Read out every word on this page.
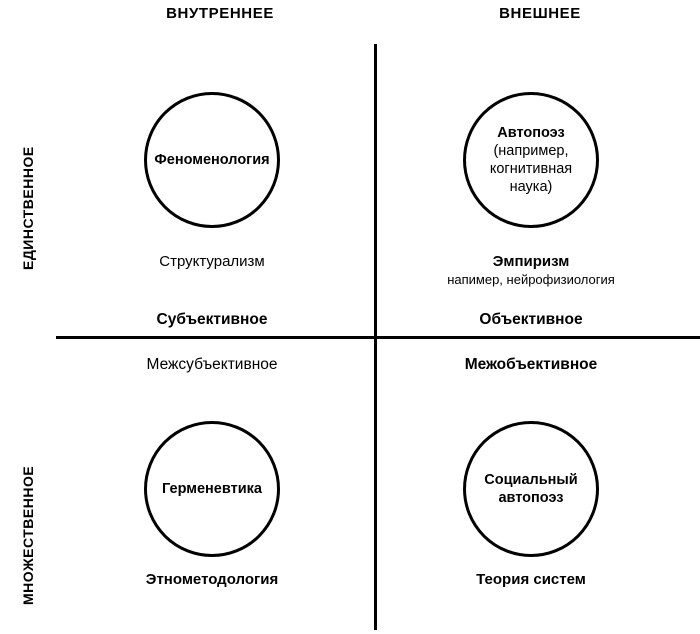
ВНУТРЕННЕЕ	ВНЕШНЕЕ
ЕДИНСТВЕННОЕ
МНОЖЕСТВЕННОЕ
Феноменология
Структурализм
Автопоэз
(например, когнитивная наука)
Эмпиризм
напимер, нейрофизиология
Субъективное	Объективное
Межсубъективное	Межобъективное
Герменевтика
Этнометодология
Социальный автопоэз
Теория систем
